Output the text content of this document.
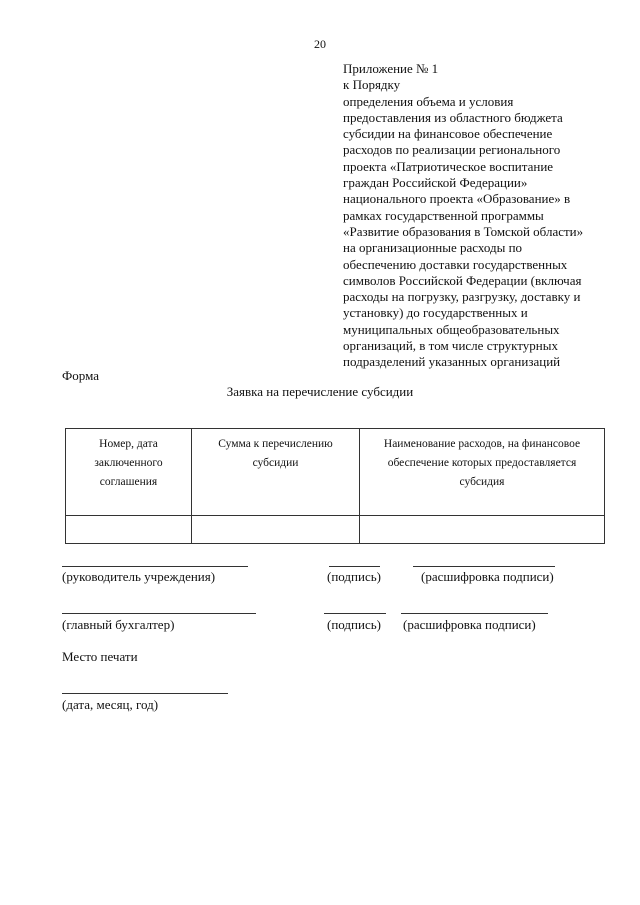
20
Приложение № 1
к Порядку
определения объема и условия
предоставления из областного бюджета
субсидии на финансовое обеспечение
расходов по реализации регионального
проекта «Патриотическое воспитание
граждан Российской Федерации»
национального проекта «Образование» в
рамках государственной программы
«Развитие образования в Томской области»
на организационные расходы по
обеспечению доставки государственных
символов Российской Федерации (включая
расходы на погрузку, разгрузку, доставку и
установку) до государственных и
муниципальных общеобразовательных
организаций, в том числе структурных
подразделений указанных организаций
Форма
Заявка на перечисление субсидии
Номер, дата заключенного соглашения	Сумма к перечислению субсидии	Наименование расходов, на финансовое обеспечение которых предоставляется субсидия

(руководитель учреждения)	(подпись)	(расшифровка подписи)
(главный бухгалтер)	(подпись) (расшифровка подписи)
Место печати
(дата, месяц, год)
